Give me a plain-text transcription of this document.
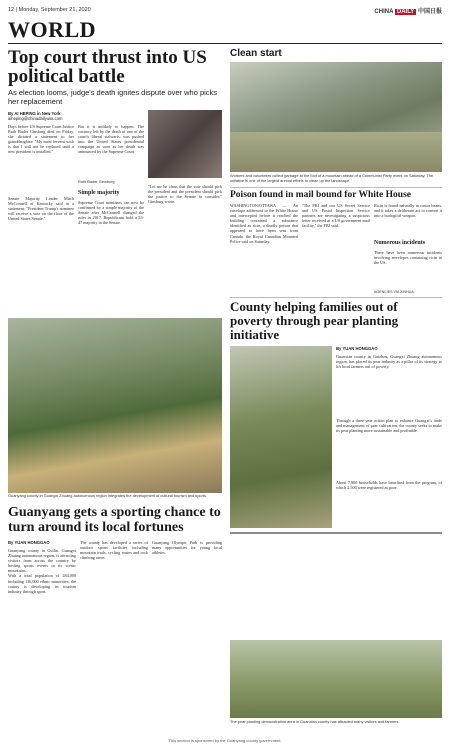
12 | Monday, September 21, 2020	CHINA DAILY 中国日报
WORLD
Top court thrust into US political battle
As election looms, judge's death ignites dispute over who picks her replacement
By AI HEPING in New York
aiheping@chinadailyusa.com

Days before US Supreme Court Justice Ruth Bader Ginsburg died on Friday, she dictated a statement to her granddaughter: "My most fervent wish is that I will not be replaced until a new president is installed."

But it is unlikely to happen. The vacancy left by the death of one of the court's liberal stalwarts, was pushed into the United States presidential campaign as soon as her death was announced by the Supreme Court.

Senate Majority Leader Mitch McConnell of Kentucky said in a statement: "President Trump's nominee will receive a vote on the floor of the United States Senate."

Ruth Bader Ginsburg
Simple majority

Supreme Court nominees can now be confirmed by a simple majority of the Senate after McConnell changed the rules in 2017. Republicans hold a 53-47 majority in the Senate.

"Let me be clear, that the vote should pick the president and the president should pick the justice to the Senate to consider," Ginsburg wrote.

Clean start
Workers and volunteers collect garbage at the foot of a mountain ahead of a Communist Party event on Saturday. The initiative is one of the largest annual efforts to clean up the landscape.
Poison found in mail bound for White House

WASHINGTON/OTTAWA — An envelope addressed to the White House and intercepted before it reached the building contained a substance identified as ricin, a deadly poison that appeared to have been sent from Canada, the Royal Canadian Mounted Police said on Saturday.

"The FBI and our US Secret Service and US Postal Inspection Service partners are investigating a suspicious letter received at a US government mail facility," the FBI said.

Ricin is found naturally in castor beans, and it takes a deliberate act to convert it into a biological weapon.

Numerous incidents

There have been numerous incidents involving envelopes containing ricin in the US.

AGENCIES VIA XINHUA
County helping families out of poverty through pear planting initiative
By YUAN HONGGAO

Guanxian county in Guizhou, Guangxi Zhuang autonomous region, has placed its pear industry as a pillar of its strategy to lift local farmers out of poverty.

Through a three-year action plan to enhance Guangxi's trade and management of pear cultivation, the county seeks to make its pear planting more sustainable and profitable.

About 7,900 households have benefited from the program, of which 2,500 were registered as poor.

The pear planting demonstration area in Guanxian county has attracted many visitors and farmers.
Guanyang county in Guangxi Zhuang autonomous region integrates the development of cultural tourism and sports.
Guanyang gets a sporting chance to turn around its local fortunes
By YUAN HONGGAO

Guanyang county in Guilin, Guangxi Zhuang autonomous region, is attracting visitors from across the country by hosting sports events in its scenic mountains.

With a total population of 284,000 including 116,000 ethnic minorities, the county is developing its tourism industry through sport.

The county has developed a series of outdoor sports facilities including mountain trails, cycling routes and rock climbing areas.

Guanyang Olympic Park is providing many opportunities for young local athletes.

This section is sponsored by the Guanyang county government.
